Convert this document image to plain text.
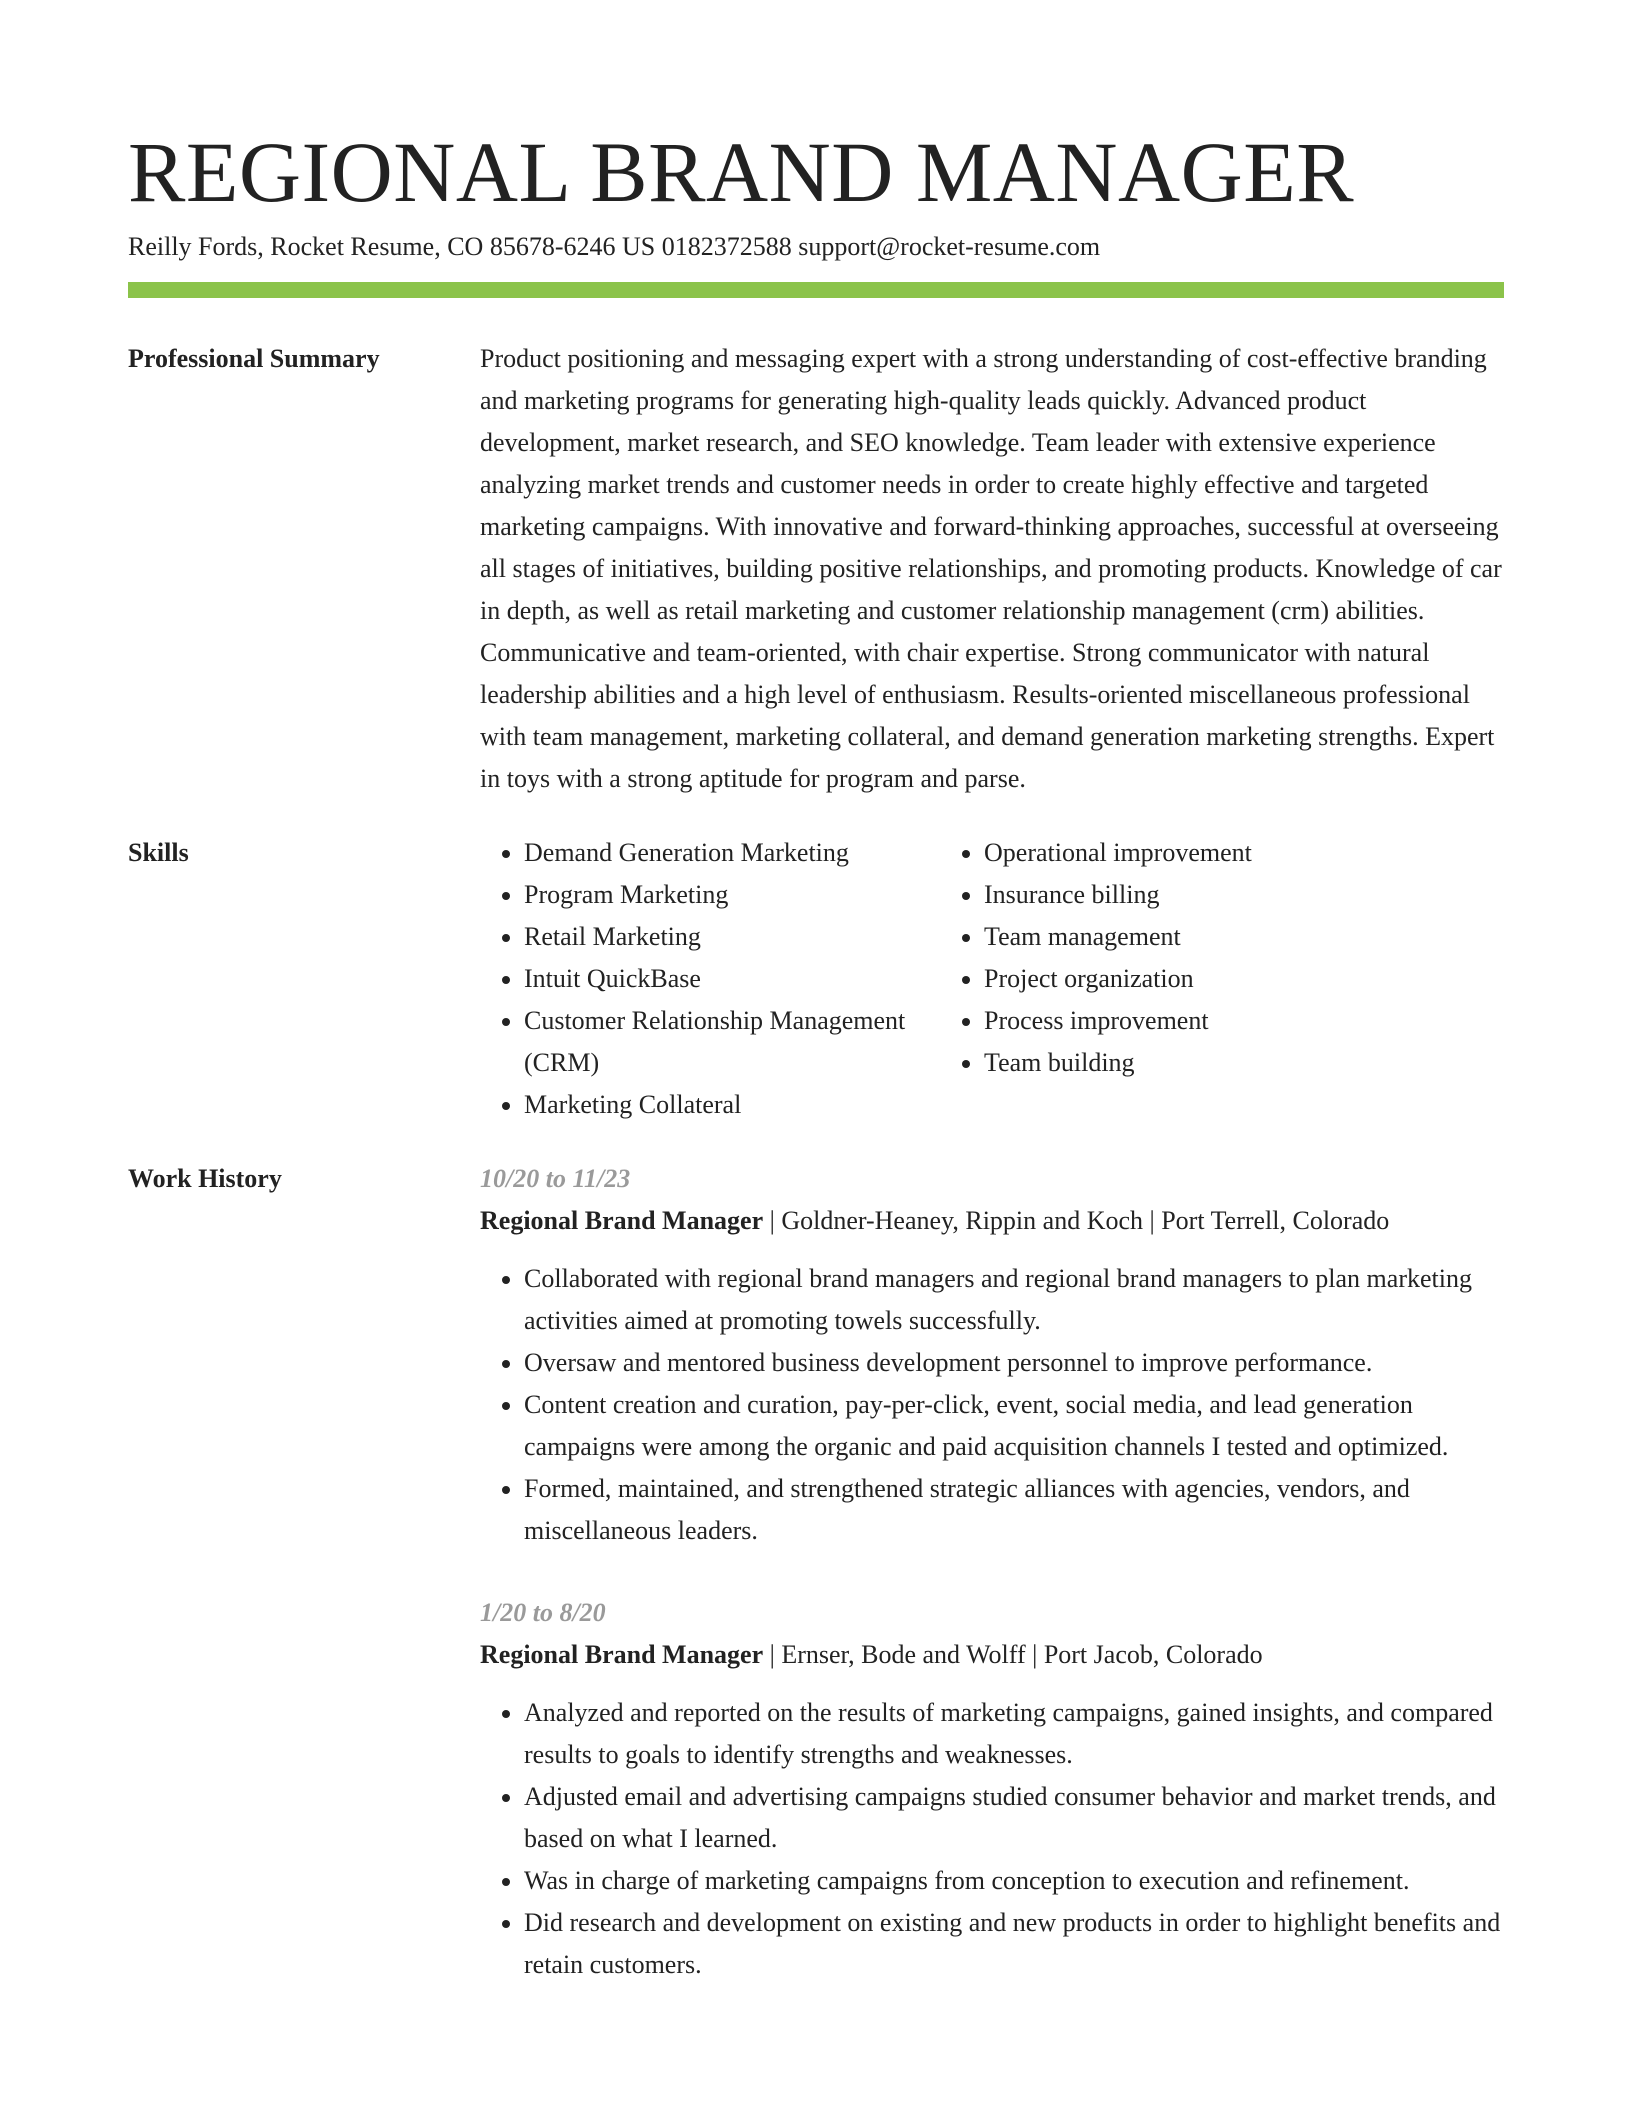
REGIONAL BRAND MANAGER
Reilly Fords, Rocket Resume, CO 85678-6246 US 0182372588 support@rocket-resume.com
Professional Summary	Product positioning and messaging expert with a strong understanding of cost-effective branding and marketing programs for generating high-quality leads quickly. Advanced product development, market research, and SEO knowledge. Team leader with extensive experience analyzing market trends and customer needs in order to create highly effective and targeted marketing campaigns. With innovative and forward-thinking approaches, successful at overseeing all stages of initiatives, building positive relationships, and promoting products. Knowledge of car in depth, as well as retail marketing and customer relationship management (crm) abilities. Communicative and team-oriented, with chair expertise. Strong communicator with natural leadership abilities and a high level of enthusiasm. Results-oriented miscellaneous professional with team management, marketing collateral, and demand generation marketing strengths. Expert in toys with a strong aptitude for program and parse.

Skills
•	Demand Generation Marketing
• Program Marketing
• Retail Marketing
• Intuit QuickBase
• Customer Relationship Management (CRM)
• Marketing Collateral
• Operational improvement
• Insurance billing
• Team management
• Project organization
• Process improvement
• Team building
Work History	10/20 to 11/23

Regional Brand Manager | Goldner-Heaney, Rippin and Koch | Port Terrell, Colorado

• Collaborated with regional brand managers and regional brand managers to plan marketing activities aimed at promoting towels successfully.
• Oversaw and mentored business development personnel to improve performance.
• Content creation and curation, pay-per-click, event, social media, and lead generation campaigns were among the organic and paid acquisition channels I tested and optimized.
• Formed, maintained, and strengthened strategic alliances with agencies, vendors, and miscellaneous leaders.

1/20 to 8/20

Regional Brand Manager | Ernser, Bode and Wolff | Port Jacob, Colorado

• Analyzed and reported on the results of marketing campaigns, gained insights, and compared results to goals to identify strengths and weaknesses.
• Adjusted email and advertising campaigns studied consumer behavior and market trends, and based on what I learned.
• Was in charge of marketing campaigns from conception to execution and refinement.
• Did research and development on existing and new products in order to highlight benefits and retain customers.
